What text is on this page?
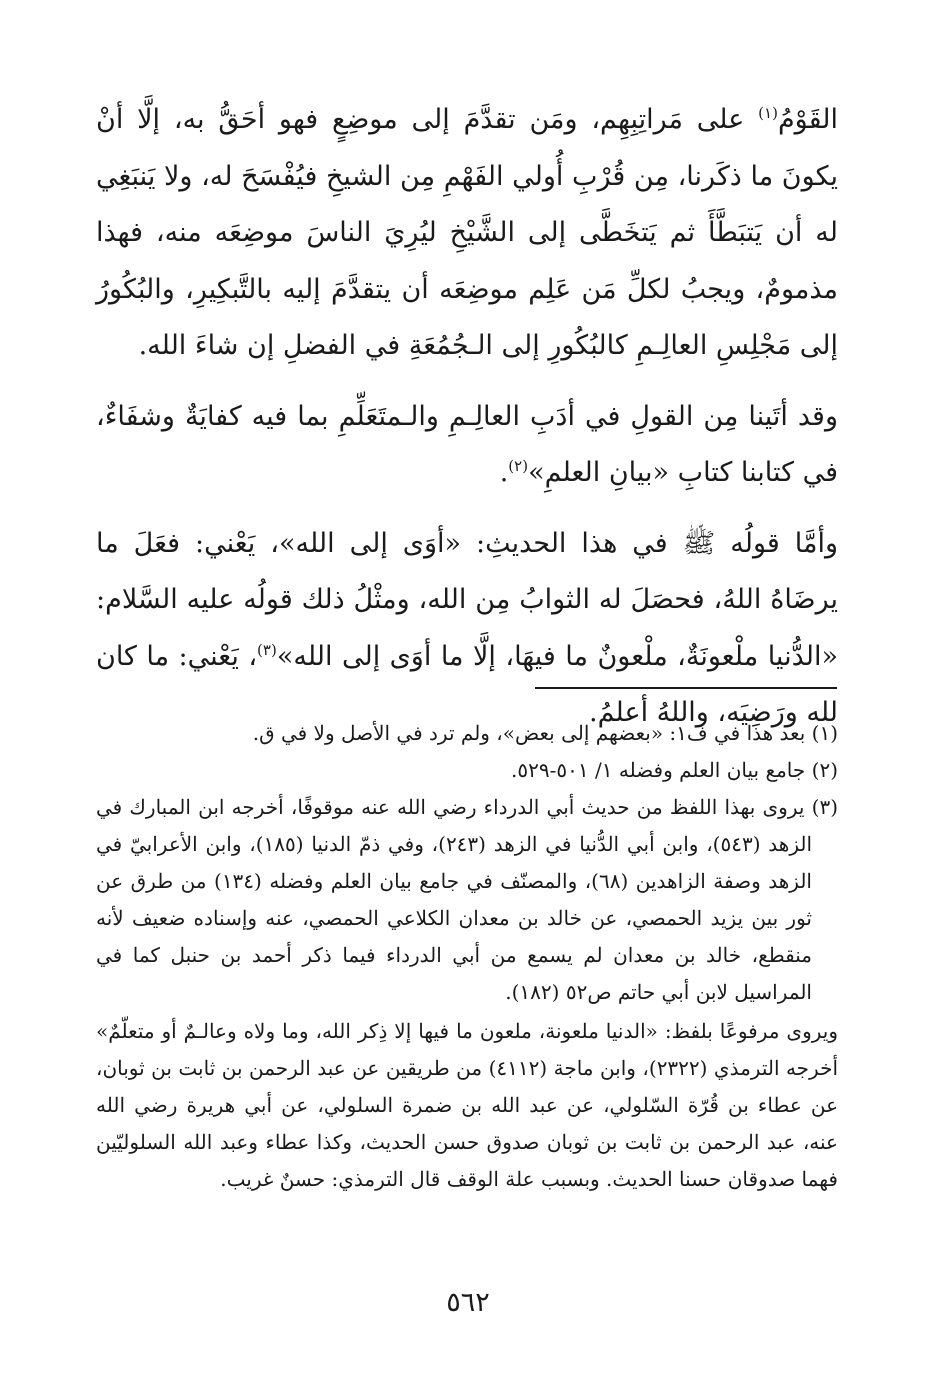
القَوْمُ$^{(١)}$ على مَراتِبِهِم، ومَن تقدَّمَ إلى موضِعٍ فهو أحَقُّ به، إلَّا أنْ يكونَ ما ذكَرنا، مِن قُرْبِ أُولي الفَهْمِ مِن الشيخِ فيُفْسَحَ له، ولا يَنبَغِي له أن يَتبَطَّأَ ثم يَتخَطَّى إلى الشَّيْخِ ليُرِيَ الناسَ موضِعَه منه، فهذا مذمومٌ، ويجبُ لكلِّ مَن عَلِم موضِعَه أن يتقدَّمَ إليه بالتَّبكِيرِ، والبُكُورُ إلى مَجْلِسِ العالِـمِ كالبُكُورِ إلى الـجُمُعَةِ في الفضلِ إن شاءَ الله.

وقد أتَينا مِن القولِ في أدَبِ العالِـمِ والـمتَعَلِّمِ بما فيه كفايَةٌ وشفَاءٌ، في كتابنا كتابِ «بيانِ العلمِ»$^{(٢)}$.

وأمَّا قولُه ﷺ في هذا الحديثِ: «أوَى إلى الله»، يَعْني: فعَلَ ما يرضَاهُ اللهُ، فحصَلَ له الثوابُ مِن الله، ومثْلُ ذلك قولُه عليه السَّلام: «الدُّنيا ملْعونَةٌ، ملْعونٌ ما فيهَا، إلَّا ما أوَى إلى الله»$^{(٣)}$، يَعْني: ما كان لله ورَضِيَه، واللهُ أعلمُ.

(١) بعد هذا في ف١: «بعضهم إلى بعض»، ولم ترد في الأصل ولا في ق.

(٢) جامع بيان العلم وفضله ١/ ٥٠١-٥٢٩.

(٣) يروى بهذا اللفظ من حديث أبي الدرداء رضي الله عنه موقوفًا، أخرجه ابن المبارك في الزهد (٥٤٣)، وابن أبي الدُّنيا في الزهد (٢٤٣)، وفي ذمّ الدنيا (١٨٥)، وابن الأعرابيّ في الزهد وصفة الزاهدين (٦٨)، والمصنّف في جامع بيان العلم وفضله (١٣٤) من طرق عن ثور بين يزيد الحمصي، عن خالد بن معدان الكلاعي الحمصي، عنه وإسناده ضعيف لأنه منقطع، خالد بن معدان لم يسمع من أبي الدرداء فيما ذكر أحمد بن حنبل كما في المراسيل لابن أبي حاتم ص٥٢ (١٨٢).

ويروى مرفوعًا بلفظ: «الدنيا ملعونة، ملعون ما فيها إلا ذِكر الله، وما ولاه وعالـمٌ أو متعلّمٌ» أخرجه الترمذي (٢٣٢٢)، وابن ماجة (٤١١٢) من طريقين عن عبد الرحمن بن ثابت بن ثوبان، عن عطاء بن قُرّة السّلولي، عن عبد الله بن ضمرة السلولي، عن أبي هريرة رضي الله عنه، عبد الرحمن بن ثابت بن ثوبان صدوق حسن الحديث، وكذا عطاء وعبد الله السلوليّين فهما صدوقان حسنا الحديث. وبسبب علة الوقف قال الترمذي: حسنٌ غريب.

٥٦٢
